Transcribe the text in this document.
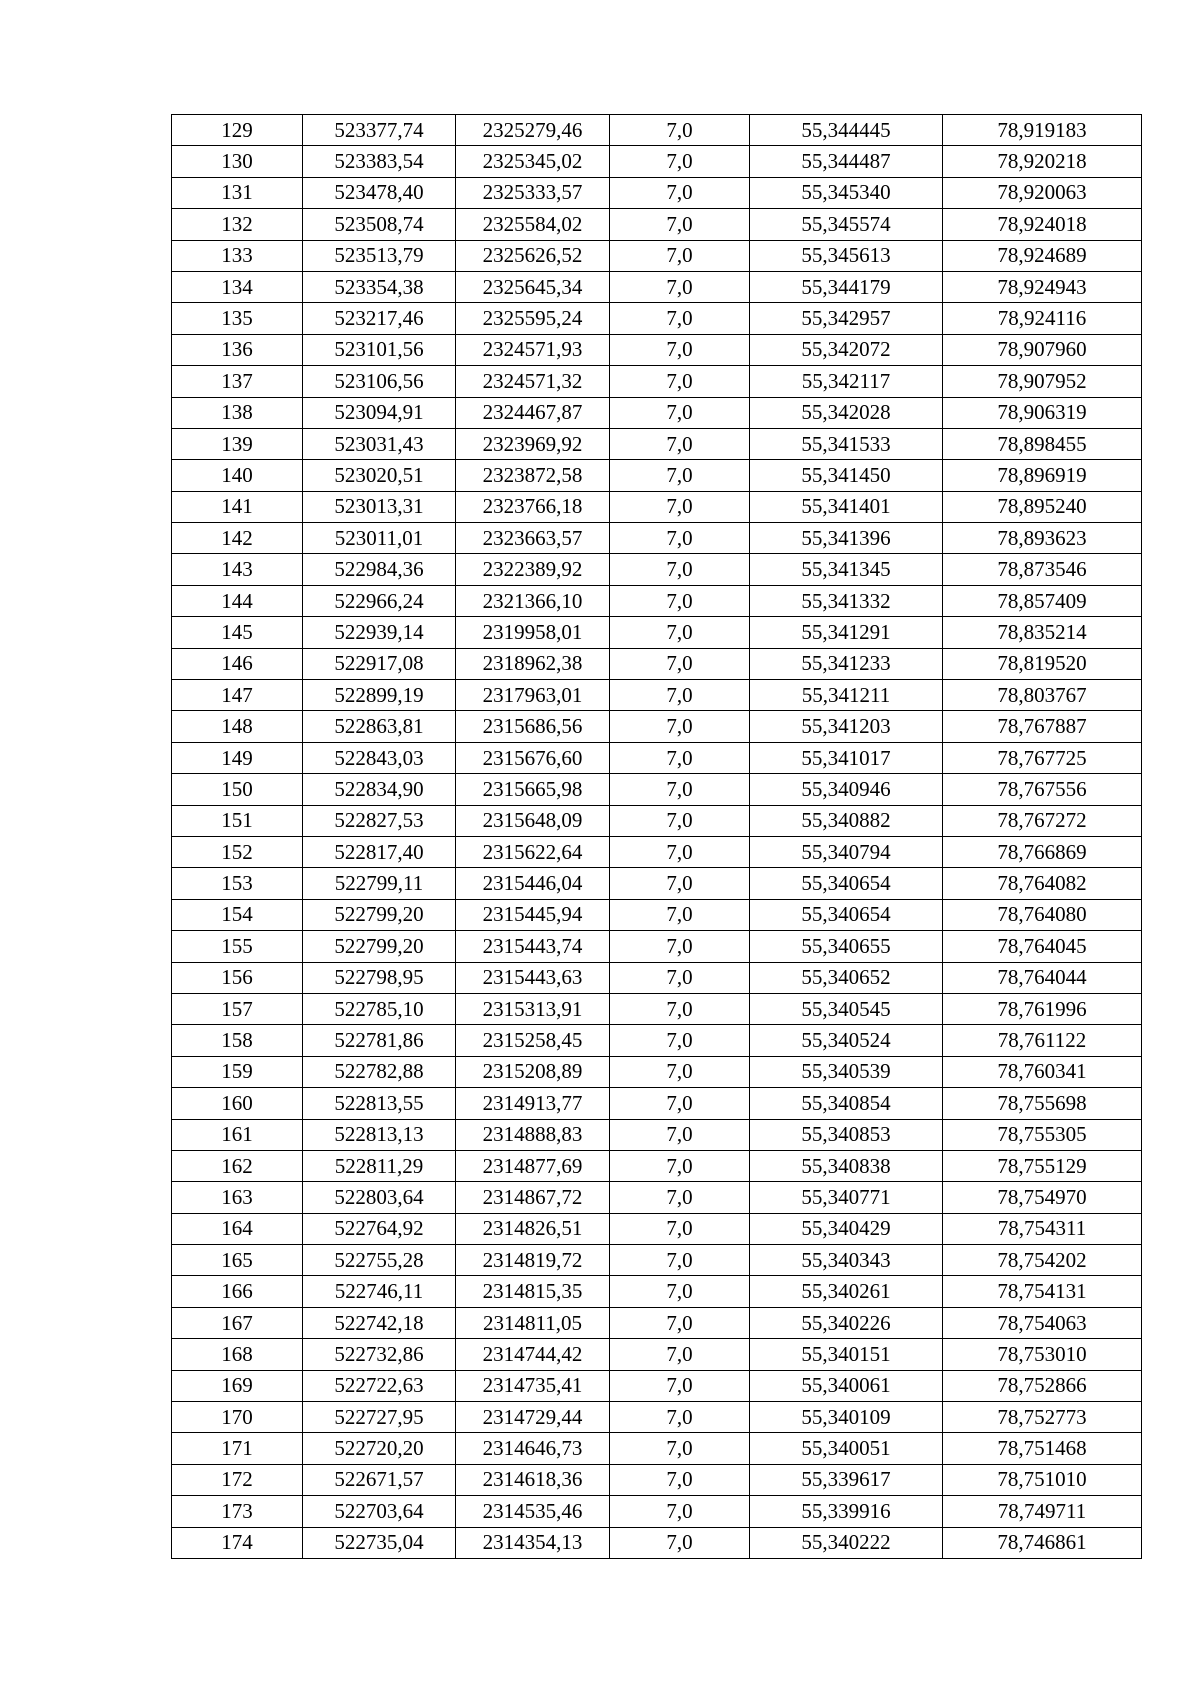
129	523377,74	2325279,46	7,0	55,344445	78,919183
130	523383,54	2325345,02	7,0	55,344487	78,920218
131	523478,40	2325333,57	7,0	55,345340	78,920063
132	523508,74	2325584,02	7,0	55,345574	78,924018
133	523513,79	2325626,52	7,0	55,345613	78,924689
134	523354,38	2325645,34	7,0	55,344179	78,924943
135	523217,46	2325595,24	7,0	55,342957	78,924116
136	523101,56	2324571,93	7,0	55,342072	78,907960
137	523106,56	2324571,32	7,0	55,342117	78,907952
138	523094,91	2324467,87	7,0	55,342028	78,906319
139	523031,43	2323969,92	7,0	55,341533	78,898455
140	523020,51	2323872,58	7,0	55,341450	78,896919
141	523013,31	2323766,18	7,0	55,341401	78,895240
142	523011,01	2323663,57	7,0	55,341396	78,893623
143	522984,36	2322389,92	7,0	55,341345	78,873546
144	522966,24	2321366,10	7,0	55,341332	78,857409
145	522939,14	2319958,01	7,0	55,341291	78,835214
146	522917,08	2318962,38	7,0	55,341233	78,819520
147	522899,19	2317963,01	7,0	55,341211	78,803767
148	522863,81	2315686,56	7,0	55,341203	78,767887
149	522843,03	2315676,60	7,0	55,341017	78,767725
150	522834,90	2315665,98	7,0	55,340946	78,767556
151	522827,53	2315648,09	7,0	55,340882	78,767272
152	522817,40	2315622,64	7,0	55,340794	78,766869
153	522799,11	2315446,04	7,0	55,340654	78,764082
154	522799,20	2315445,94	7,0	55,340654	78,764080
155	522799,20	2315443,74	7,0	55,340655	78,764045
156	522798,95	2315443,63	7,0	55,340652	78,764044
157	522785,10	2315313,91	7,0	55,340545	78,761996
158	522781,86	2315258,45	7,0	55,340524	78,761122
159	522782,88	2315208,89	7,0	55,340539	78,760341
160	522813,55	2314913,77	7,0	55,340854	78,755698
161	522813,13	2314888,83	7,0	55,340853	78,755305
162	522811,29	2314877,69	7,0	55,340838	78,755129
163	522803,64	2314867,72	7,0	55,340771	78,754970
164	522764,92	2314826,51	7,0	55,340429	78,754311
165	522755,28	2314819,72	7,0	55,340343	78,754202
166	522746,11	2314815,35	7,0	55,340261	78,754131
167	522742,18	2314811,05	7,0	55,340226	78,754063
168	522732,86	2314744,42	7,0	55,340151	78,753010
169	522722,63	2314735,41	7,0	55,340061	78,752866
170	522727,95	2314729,44	7,0	55,340109	78,752773
171	522720,20	2314646,73	7,0	55,340051	78,751468
172	522671,57	2314618,36	7,0	55,339617	78,751010
173	522703,64	2314535,46	7,0	55,339916	78,749711
174	522735,04	2314354,13	7,0	55,340222	78,746861
